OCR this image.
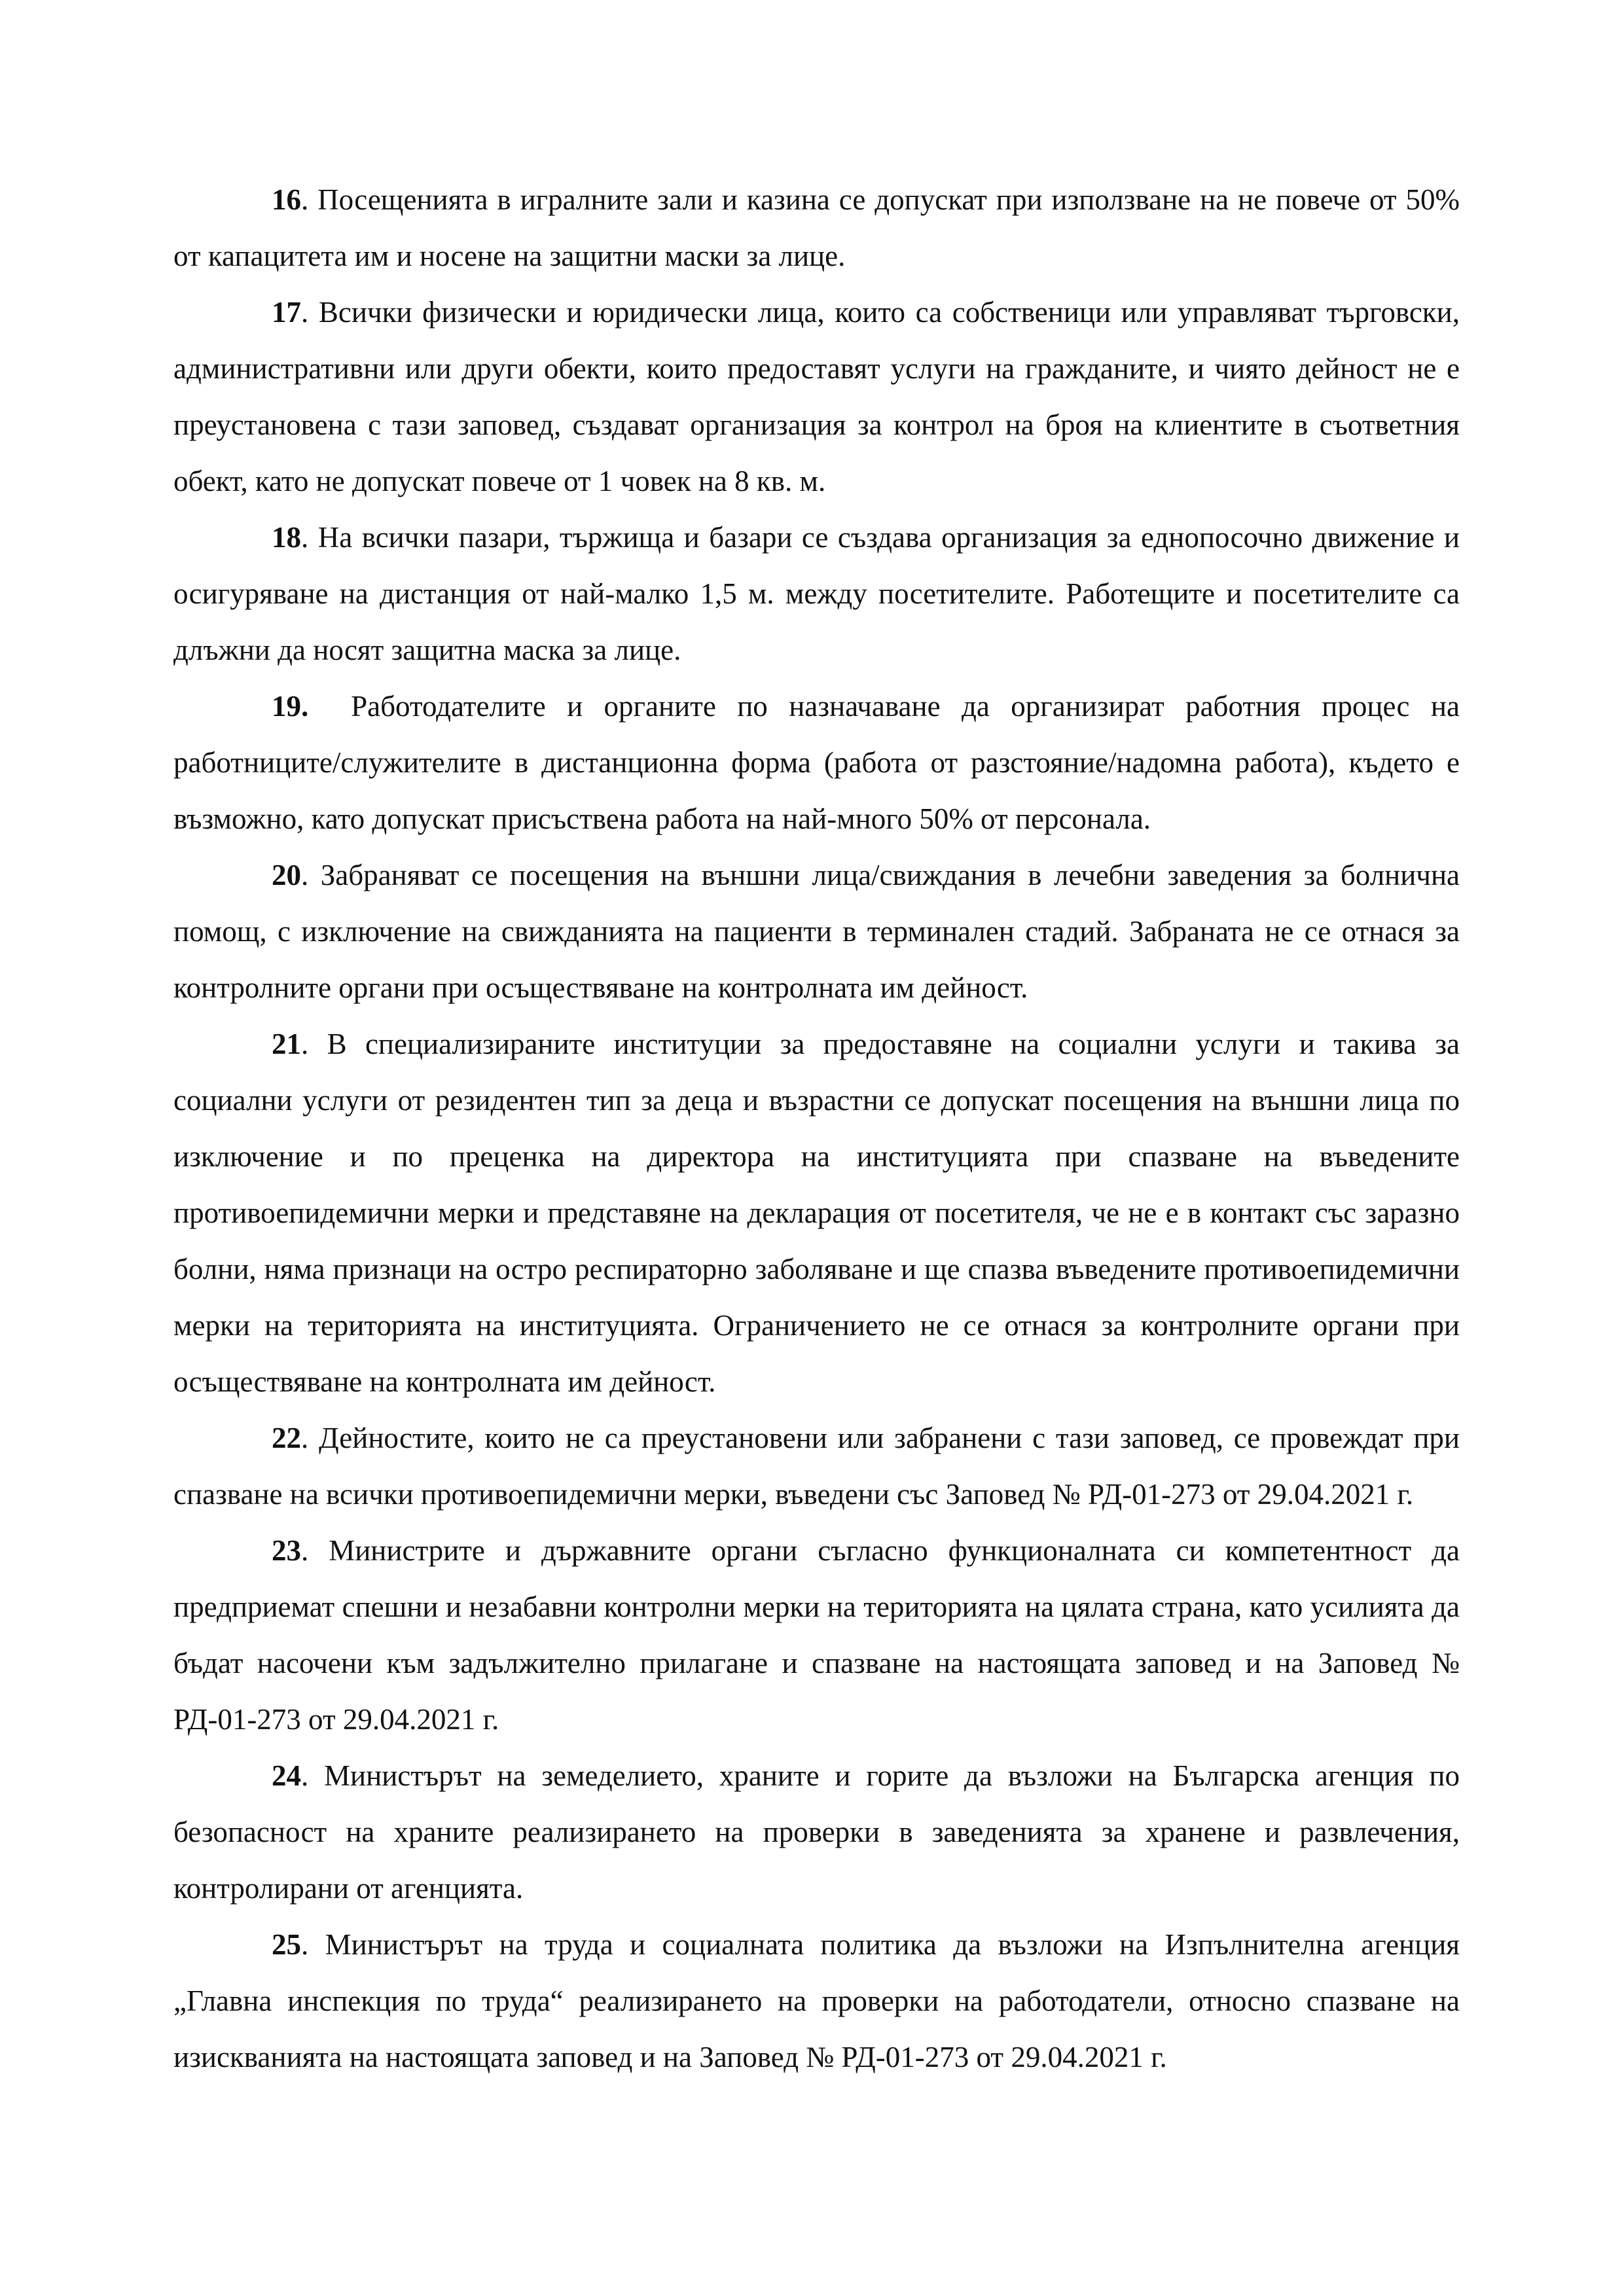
16. Посещенията в игралните зали и казина се допускат при използване на не повече от 50% от капацитета им и носене на защитни маски за лице.

17. Всички физически и юридически лица, които са собственици или управляват търговски, административни или други обекти, които предоставят услуги на гражданите, и чиято дейност не е преустановена с тази заповед, създават организация за контрол на броя на клиентите в съответния обект, като не допускат повече от 1 човек на 8 кв. м.

18. На всички пазари, тържища и базари се създава организация за еднопосочно движение и осигуряване на дистанция от най-малко 1,5 м. между посетителите. Работещите и посетителите са длъжни да носят защитна маска за лице.

19.  Работодателите и органите по назначаване да организират работния процес на работниците/служителите в дистанционна форма (работа от разстояние/надомна работа), където е възможно, като допускат присъствена работа на най-много 50% от персонала.

20. Забраняват се посещения на външни лица/свиждания в лечебни заведения за болнична помощ, с изключение на свижданията на пациенти в терминален стадий. Забраната не се отнася за контролните органи при осъществяване на контролната им дейност.

21. В специализираните институции за предоставяне на социални услуги и такива за социални услуги от резидентен тип за деца и възрастни се допускат посещения на външни лица по изключение и по преценка на директора на институцията при спазване на въведените противоепидемични мерки и представяне на декларация от посетителя, че не е в контакт със заразно болни, няма признаци на остро респираторно заболяване и ще спазва въведените противоепидемични мерки на територията на институцията. Ограничението не се отнася за контролните органи при осъществяване на контролната им дейност.

22. Дейностите, които не са преустановени или забранени с тази заповед, се провеждат при спазване на всички противоепидемични мерки, въведени със Заповед № РД-01-273 от 29.04.2021 г.

23. Министрите и държавните органи съгласно функционалната си компетентност да предприемат спешни и незабавни контролни мерки на територията на цялата страна, като усилията да бъдат насочени към задължително прилагане и спазване на настоящата заповед и на Заповед № РД-01-273 от 29.04.2021 г.

24. Министърът на земеделието, храните и горите да възложи на Българска агенция по безопасност на храните реализирането на проверки в заведенията за хранене и развлечения, контролирани от агенцията.

25. Министърът на труда и социалната политика да възложи на Изпълнителна агенция „Главна инспекция по труда“ реализирането на проверки на работодатели, относно спазване на изискванията на настоящата заповед и на Заповед № РД-01-273 от 29.04.2021 г.
